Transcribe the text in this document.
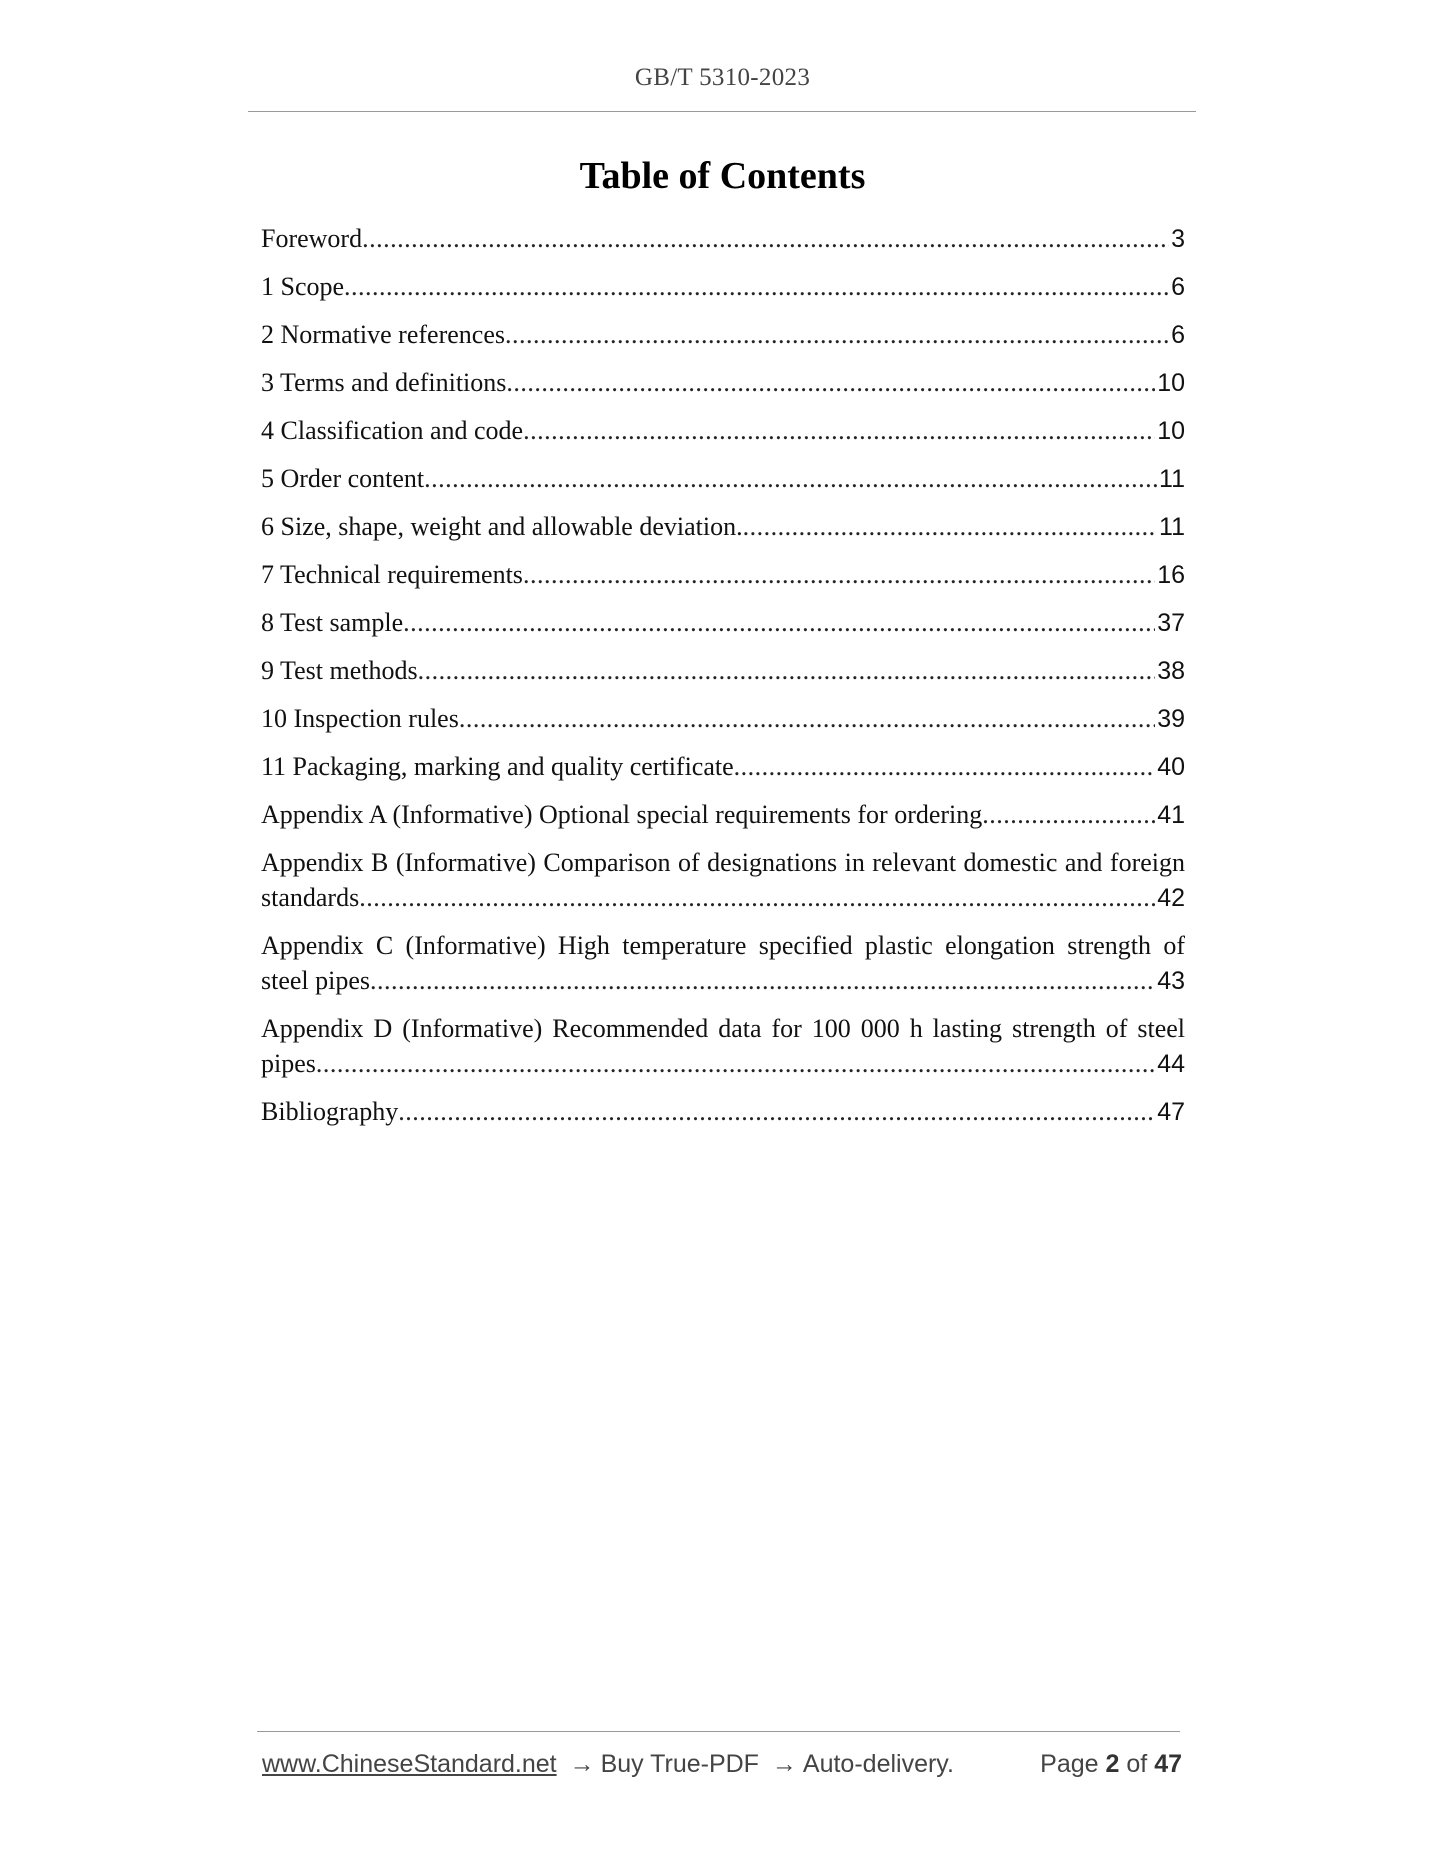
GB/T 5310-2023
Table of Contents
Foreword .....	3
1 Scope .....	6
2 Normative references .....	6
3 Terms and definitions .....	10
4 Classification and code .....	10
5 Order content .....	11
6 Size, shape, weight and allowable deviation. .....	11
7 Technical requirements .....	16
8 Test sample .....	37
9 Test methods .....	38
10 Inspection rules .....	39
11 Packaging, marking and quality certificate .....	40
Appendix A (Informative) Optional special requirements for ordering .....	41
Appendix B (Informative) Comparison of designations in relevant domestic and foreign
standards .....	42
Appendix C (Informative) High temperature specified plastic elongation strength of
steel pipes .....	43
Appendix D (Informative) Recommended data for 100 000 h lasting strength of steel
pipes .....	44
Bibliography .....	47
www.ChineseStandard.net → Buy True-PDF → Auto-delivery.	Page 2 of 47
